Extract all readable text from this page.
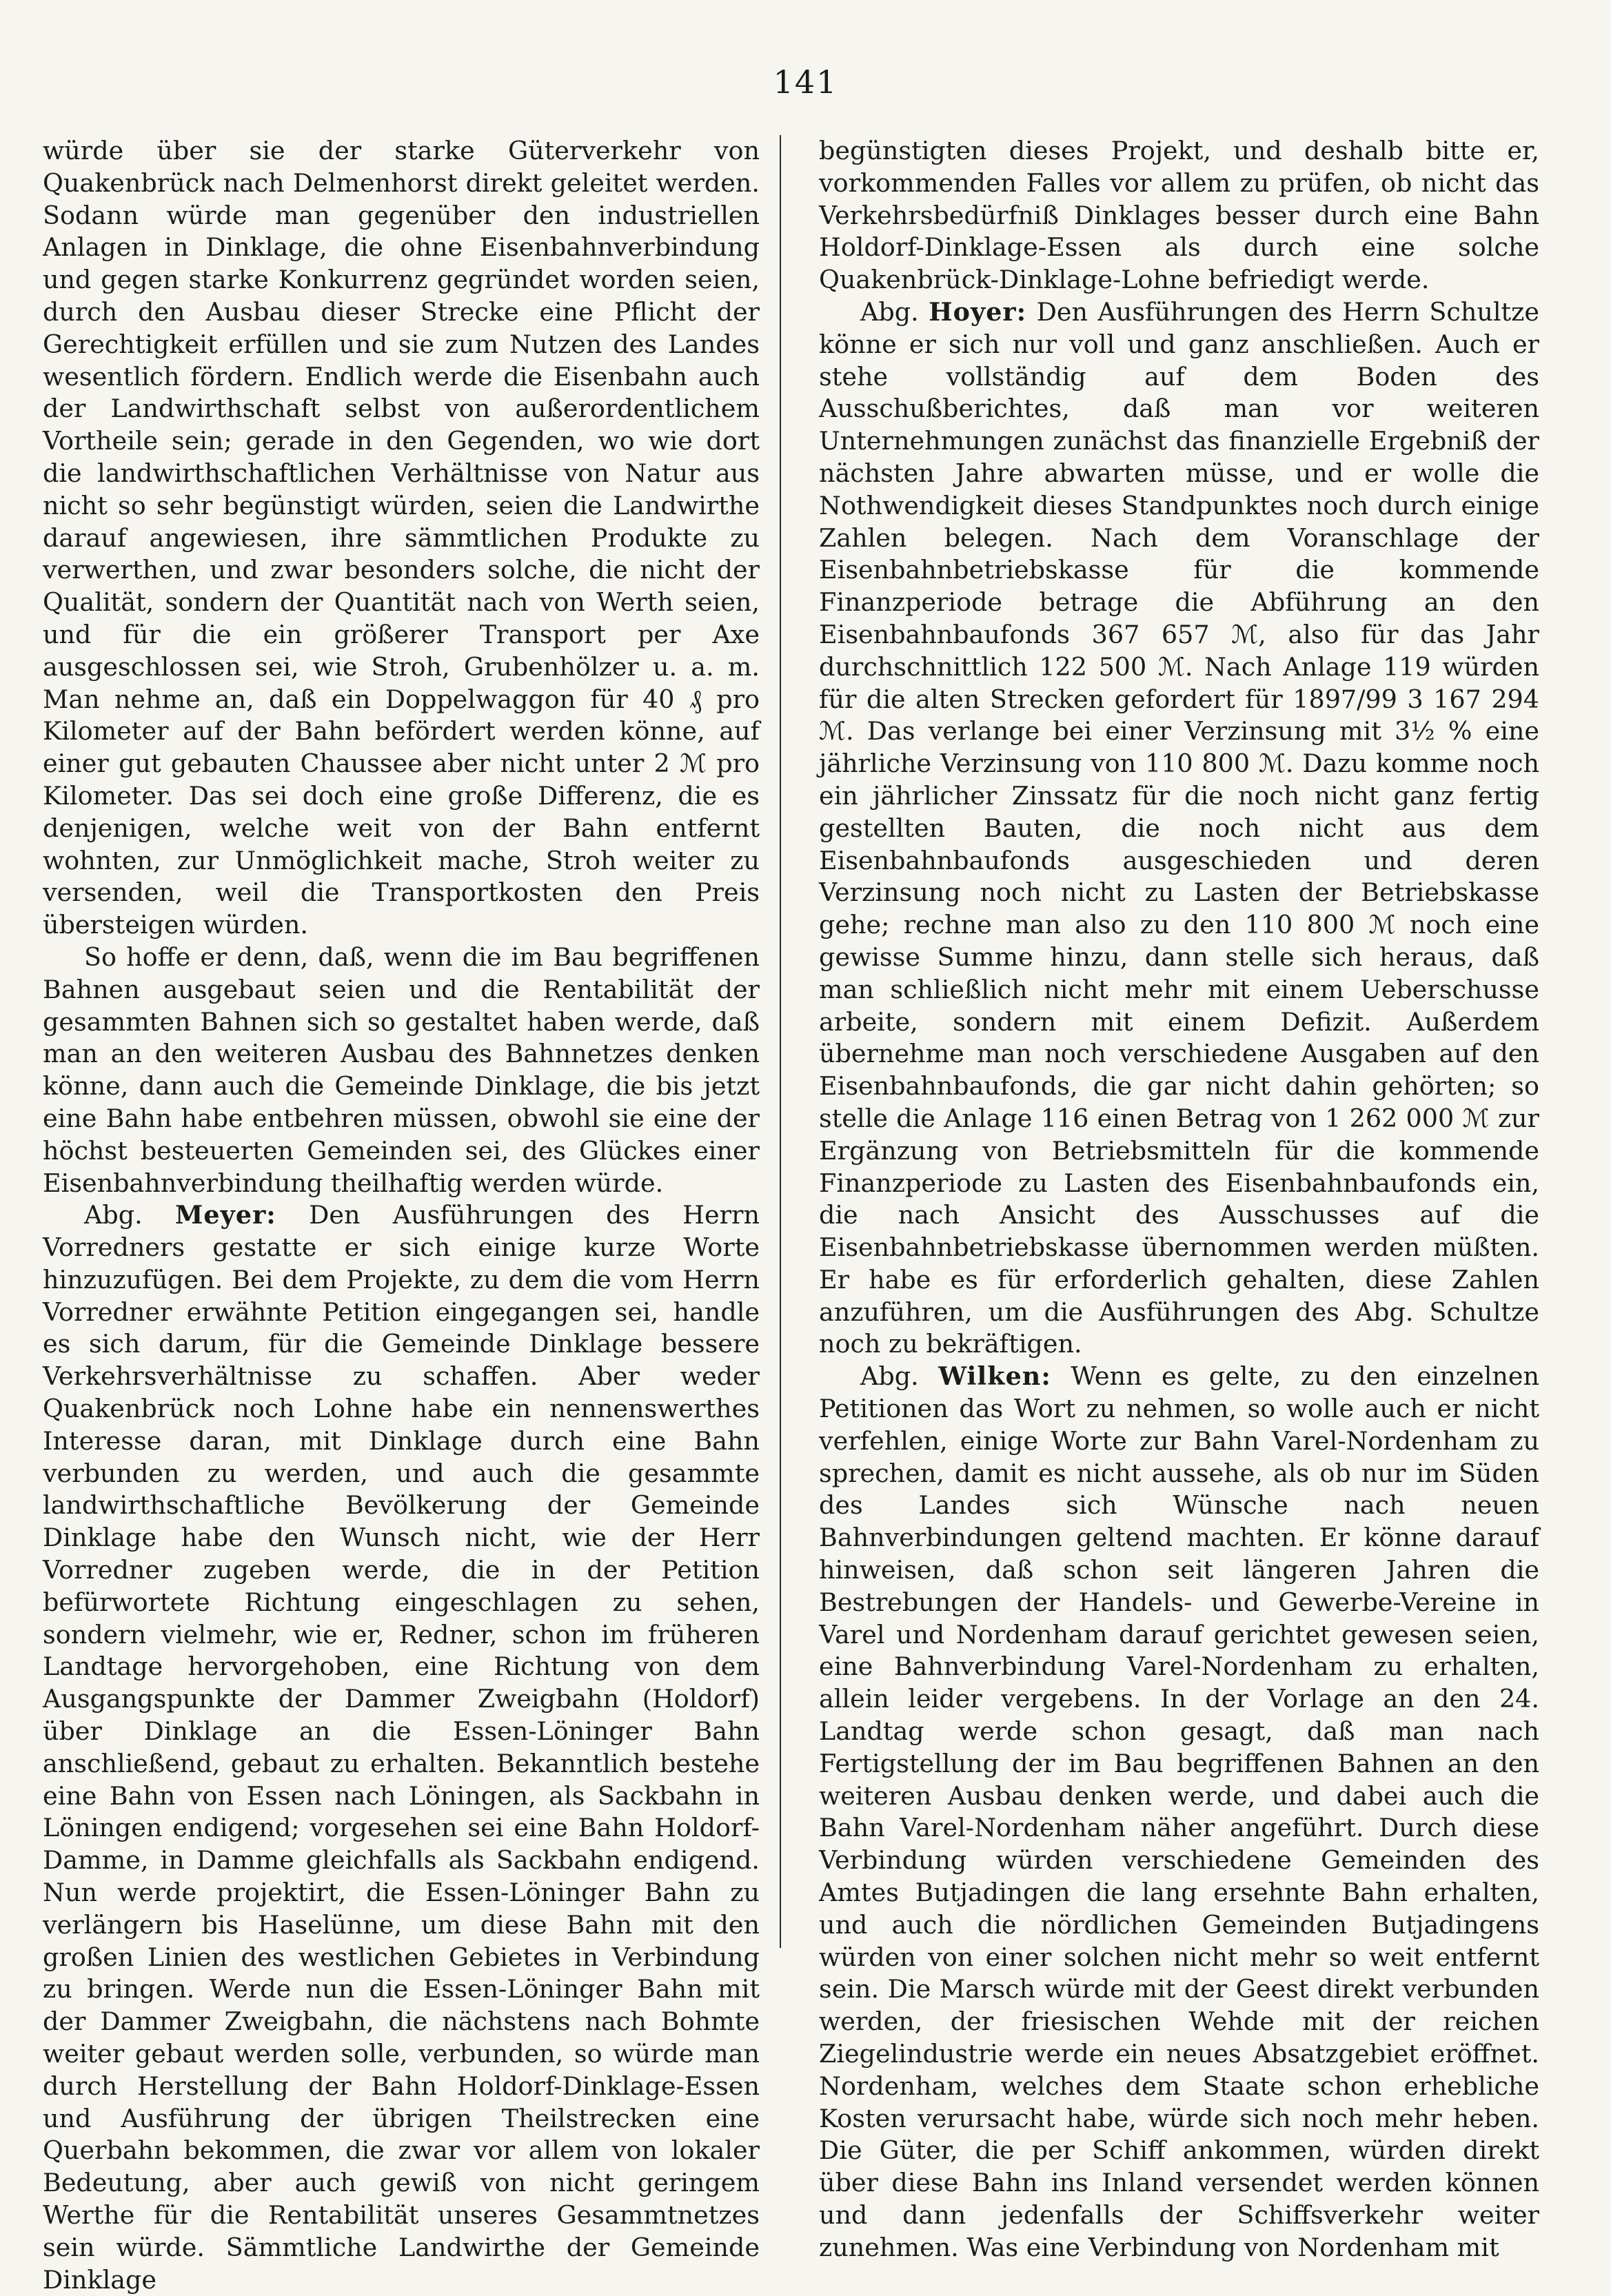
141

würde über sie der starke Güterverkehr von Quakenbrück nach Delmenhorst direkt geleitet werden. Sodann würde man gegenüber den industriellen Anlagen in Dinklage, die ohne Eisenbahnverbindung und gegen starke Konkurrenz gegründet worden seien, durch den Ausbau dieser Strecke eine Pflicht der Gerechtigkeit erfüllen und sie zum Nutzen des Landes wesentlich fördern. Endlich werde die Eisenbahn auch der Landwirthschaft selbst von außerordentlichem Vortheile sein; gerade in den Gegenden, wo wie dort die landwirthschaftlichen Verhältnisse von Natur aus nicht so sehr begünstigt würden, seien die Landwirthe darauf angewiesen, ihre sämmtlichen Produkte zu verwerthen, und zwar besonders solche, die nicht der Qualität, sondern der Quantität nach von Werth seien, und für die ein größerer Transport per Axe ausgeschlossen sei, wie Stroh, Grubenhölzer u. a. m. Man nehme an, daß ein Doppelwaggon für 40 ₰ pro Kilometer auf der Bahn befördert werden könne, auf einer gut gebauten Chaussee aber nicht unter 2 ℳ pro Kilometer. Das sei doch eine große Differenz, die es denjenigen, welche weit von der Bahn entfernt wohnten, zur Unmöglichkeit mache, Stroh weiter zu versenden, weil die Transportkosten den Preis übersteigen würden.

So hoffe er denn, daß, wenn die im Bau begriffenen Bahnen ausgebaut seien und die Rentabilität der gesammten Bahnen sich so gestaltet haben werde, daß man an den weiteren Ausbau des Bahnnetzes denken könne, dann auch die Gemeinde Dinklage, die bis jetzt eine Bahn habe entbehren müssen, obwohl sie eine der höchst besteuerten Gemeinden sei, des Glückes einer Eisenbahnverbindung theilhaftig werden würde.

Abg. Meyer: Den Ausführungen des Herrn Vorredners gestatte er sich einige kurze Worte hinzuzufügen. Bei dem Projekte, zu dem die vom Herrn Vorredner erwähnte Petition eingegangen sei, handle es sich darum, für die Gemeinde Dinklage bessere Verkehrsverhältnisse zu schaffen. Aber weder Quakenbrück noch Lohne habe ein nennenswerthes Interesse daran, mit Dinklage durch eine Bahn verbunden zu werden, und auch die gesammte landwirthschaftliche Bevölkerung der Gemeinde Dinklage habe den Wunsch nicht, wie der Herr Vorredner zugeben werde, die in der Petition befürwortete Richtung eingeschlagen zu sehen, sondern vielmehr, wie er, Redner, schon im früheren Landtage hervorgehoben, eine Richtung von dem Ausgangspunkte der Dammer Zweigbahn (Holdorf) über Dinklage an die Essen-Löninger Bahn anschließend, gebaut zu erhalten. Bekanntlich bestehe eine Bahn von Essen nach Löningen, als Sackbahn in Löningen endigend; vorgesehen sei eine Bahn Holdorf-Damme, in Damme gleichfalls als Sackbahn endigend. Nun werde projektirt, die Essen-Löninger Bahn zu verlängern bis Haselünne, um diese Bahn mit den großen Linien des westlichen Gebietes in Verbindung zu bringen. Werde nun die Essen-Löninger Bahn mit der Dammer Zweigbahn, die nächstens nach Bohmte weiter gebaut werden solle, verbunden, so würde man durch Herstellung der Bahn Holdorf-Dinklage-Essen und Ausführung der übrigen Theilstrecken eine Querbahn bekommen, die zwar vor allem von lokaler Bedeutung, aber auch gewiß von nicht geringem Werthe für die Rentabilität unseres Gesammtnetzes sein würde. Sämmtliche Landwirthe der Gemeinde Dinklage

begünstigten dieses Projekt, und deshalb bitte er, vorkommenden Falles vor allem zu prüfen, ob nicht das Verkehrsbedürfniß Dinklages besser durch eine Bahn Holdorf-Dinklage-Essen als durch eine solche Quakenbrück-Dinklage-Lohne befriedigt werde.

Abg. Hoyer: Den Ausführungen des Herrn Schultze könne er sich nur voll und ganz anschließen. Auch er stehe vollständig auf dem Boden des Ausschußberichtes, daß man vor weiteren Unternehmungen zunächst das finanzielle Ergebniß der nächsten Jahre abwarten müsse, und er wolle die Nothwendigkeit dieses Standpunktes noch durch einige Zahlen belegen. Nach dem Voranschlage der Eisenbahnbetriebskasse für die kommende Finanzperiode betrage die Abführung an den Eisenbahnbaufonds 367 657 ℳ, also für das Jahr durchschnittlich 122 500 ℳ. Nach Anlage 119 würden für die alten Strecken gefordert für 1897/99 3 167 294 ℳ. Das verlange bei einer Verzinsung mit 3½ % eine jährliche Verzinsung von 110 800 ℳ. Dazu komme noch ein jährlicher Zinssatz für die noch nicht ganz fertig gestellten Bauten, die noch nicht aus dem Eisenbahnbaufonds ausgeschieden und deren Verzinsung noch nicht zu Lasten der Betriebskasse gehe; rechne man also zu den 110 800 ℳ noch eine gewisse Summe hinzu, dann stelle sich heraus, daß man schließlich nicht mehr mit einem Ueberschusse arbeite, sondern mit einem Defizit. Außerdem übernehme man noch verschiedene Ausgaben auf den Eisenbahnbaufonds, die gar nicht dahin gehörten; so stelle die Anlage 116 einen Betrag von 1 262 000 ℳ zur Ergänzung von Betriebsmitteln für die kommende Finanzperiode zu Lasten des Eisenbahnbaufonds ein, die nach Ansicht des Ausschusses auf die Eisenbahnbetriebskasse übernommen werden müßten. Er habe es für erforderlich gehalten, diese Zahlen anzuführen, um die Ausführungen des Abg. Schultze noch zu bekräftigen.

Abg. Wilken: Wenn es gelte, zu den einzelnen Petitionen das Wort zu nehmen, so wolle auch er nicht verfehlen, einige Worte zur Bahn Varel-Nordenham zu sprechen, damit es nicht aussehe, als ob nur im Süden des Landes sich Wünsche nach neuen Bahnverbindungen geltend machten. Er könne darauf hinweisen, daß schon seit längeren Jahren die Bestrebungen der Handels- und Gewerbe-Vereine in Varel und Nordenham darauf gerichtet gewesen seien, eine Bahnverbindung Varel-Nordenham zu erhalten, allein leider vergebens. In der Vorlage an den 24. Landtag werde schon gesagt, daß man nach Fertigstellung der im Bau begriffenen Bahnen an den weiteren Ausbau denken werde, und dabei auch die Bahn Varel-Nordenham näher angeführt. Durch diese Verbindung würden verschiedene Gemeinden des Amtes Butjadingen die lang ersehnte Bahn erhalten, und auch die nördlichen Gemeinden Butjadingens würden von einer solchen nicht mehr so weit entfernt sein. Die Marsch würde mit der Geest direkt verbunden werden, der friesischen Wehde mit der reichen Ziegelindustrie werde ein neues Absatzgebiet eröffnet. Nordenham, welches dem Staate schon erhebliche Kosten verursacht habe, würde sich noch mehr heben. Die Güter, die per Schiff ankommen, würden direkt über diese Bahn ins Inland versendet werden können und dann jedenfalls der Schiffsverkehr weiter zunehmen. Was eine Verbindung von Nordenham mit
